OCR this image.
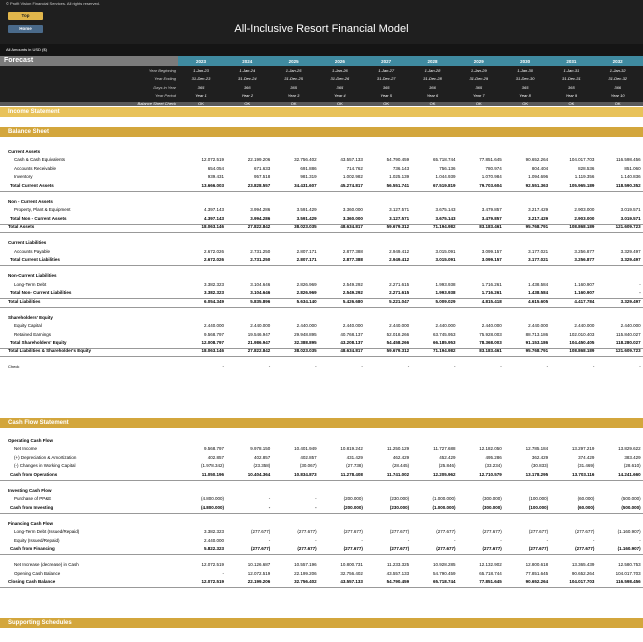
© Profit Vision Financial Services. All rights reserved.
Top
Home	All-Inclusive Resort Financial Model
All Amounts in USD ($)
Forecast	2023	2024	2025	2026	2027	2028	2029	2030	2031	2032
Year Beginning	1-Jan-23	1-Jan-24	1-Jan-25	1-Jan-26	1-Jan-27	1-Jan-28	1-Jan-29	1-Jan-30	1-Jan-31	1-Jan-32
Year Ending	31-Dec-23	31-Dec-24	31-Dec-25	31-Dec-26	31-Dec-27	31-Dec-28	31-Dec-29	31-Dec-30	31-Dec-31	31-Dec-32
Days in Year	365	366	365	365	365	366	365	365	365	366
Year Period	Year 1	Year 2	Year 3	Year 4	Year 5	Year 6	Year 7	Year 8	Year 9	Year 10
Balance Sheet Check	OK	OK	OK	OK	OK	OK	OK	OK	OK	OK
Income Statement
Balance Sheet
Current Assets
Cash & Cash Equivalents	12.072.519	22.199.206	32.756.402	43.557.133	54.790.459	65.718.744	77.851.645	90.652.264	104.017.703	116.598.456
Accounts Receivable	654.054	671.633	691.886	714.762	736.143	756.136	780.974	804.404	828.536	851.060
Inventory	939.431	957.518	981.319	1.002.982	1.025.139	1.044.939	1.070.984	1.094.696	1.119.356	1.140.836
Total Current Assets	13.666.003	23.828.557	34.431.607	45.274.817	56.551.741	67.519.819	79.703.604	92.551.363	105.965.189	118.590.352
Non - Current Assets
Property, Plant & Equipment	4.397.143	3.994.286	3.591.429	3.360.000	3.127.571	3.675.143	3.479.857	3.217.429	2.903.000	3.019.571
Total Non - Current Assets	4.397.143	3.994.286	3.591.429	3.360.000	3.127.571	3.675.143	3.479.857	3.217.429	2.903.000	3.019.571
Total Assets	18.063.146	27.822.842	38.023.035	48.634.817	59.679.312	71.194.982	83.183.461	95.768.791	108.868.189	121.609.723
Current Liabilities
Accounts Payable	2.672.026	2.731.250	2.807.171	2.877.388	2.949.412	3.015.091	3.099.157	3.177.021	3.256.877	3.329.497
Total Current Liabilities	2.672.026	2.731.250	2.807.171	2.877.388	2.949.412	3.015.091	3.099.157	3.177.021	3.256.877	3.329.497
Non-Current Liabilities
Long-Term Debt	3.382.323	3.104.646	2.826.969	2.549.292	2.271.615	1.993.938	1.716.261	1.438.584	1.160.907	-
Total Non- Current Liabilities	3.382.323	3.104.646	2.826.969	2.549.292	2.271.615	1.993.938	1.716.261	1.438.584	1.160.907	-
Total Liabilities	6.054.349	5.835.896	5.634.140	5.426.680	5.221.047	5.009.029	4.815.418	4.615.605	4.417.784	3.329.497
Shareholders' Equity
Equity Capital	2.440.000	2.440.000	2.440.000	2.440.000	2.440.000	2.440.000	2.440.000	2.440.000	2.440.000	2.440.000
Retained Earnings	9.568.797	19.546.947	29.948.895	40.768.137	52.018.266	63.745.953	75.928.003	88.713.186	102.010.403	115.840.027
Total Shareholders' Equity	12.008.797	21.986.947	32.388.895	43.208.137	54.458.266	66.185.953	78.368.003	91.153.186	104.450.405	118.280.027
Total Liabilities & Shareholder's Equity	18.063.146	27.822.842	38.023.035	48.634.817	59.679.312	71.194.982	83.183.461	95.768.791	108.868.189	121.609.723
Check	-	-	-	-	-	-	-	-	-	-
Cash Flow Statement
Operating Cash Flow
Net Income	9.568.797	9.978.150	10.401.949	10.819.242	11.250.129	11.727.688	12.182.050	12.785.184	13.297.219	13.829.622
(+) Depreciation & Amortization	402.857	402.857	402.857	431.429	462.429	452.429	495.286	362.429	374.429	383.429
(-) Changes in Working Capital	(1.978.342)	(23.358)	(30.067)	(27.738)	(28.445)	(25.846)	(33.234)	(30.833)	(31.469)	(28.610)
Cash from Operations	11.050.196	10.404.364	10.834.873	11.278.408	11.741.002	12.205.962	12.710.579	13.178.295	13.703.116	14.241.660
Investing Cash Flow
Purchase of PP&E	(4.800.000)	-	-	(200.000)	(230.000)	(1.000.000)	(300.000)	(100.000)	(60.000)	(500.000)
Cash from Investing	(4.800.000)	-	-	(200.000)	(230.000)	(1.000.000)	(300.000)	(100.000)	(60.000)	(500.000)
Financing Cash Flow
Long-Term Debt (Issued/Repaid)	3.382.323	(277.677)	(277.677)	(277.677)	(277.677)	(277.677)	(277.677)	(277.677)	(277.677)	(1.160.907)
Equity (Issued/Repaid)	2.440.000	-	-	-	-	-	-	-	-	-
Cash from Financing	5.822.323	(277.677)	(277.677)	(277.677)	(277.677)	(277.677)	(277.677)	(277.677)	(277.677)	(1.160.907)
Net Increase (decrease) in Cash	12.072.519	10.126.687	10.557.196	10.800.731	11.233.325	10.928.285	12.132.902	12.800.618	13.365.439	12.580.753
Opening Cash Balance	-	12.072.519	22.199.206	32.756.402	43.557.133	54.790.459	65.718.744	77.851.645	90.652.264	104.017.703
Closing Cash Balance	12.072.519	22.199.206	32.756.402	43.557.133	54.790.459	65.718.744	77.851.645	90.652.264	104.017.703	116.598.456
Supporting Schedules
